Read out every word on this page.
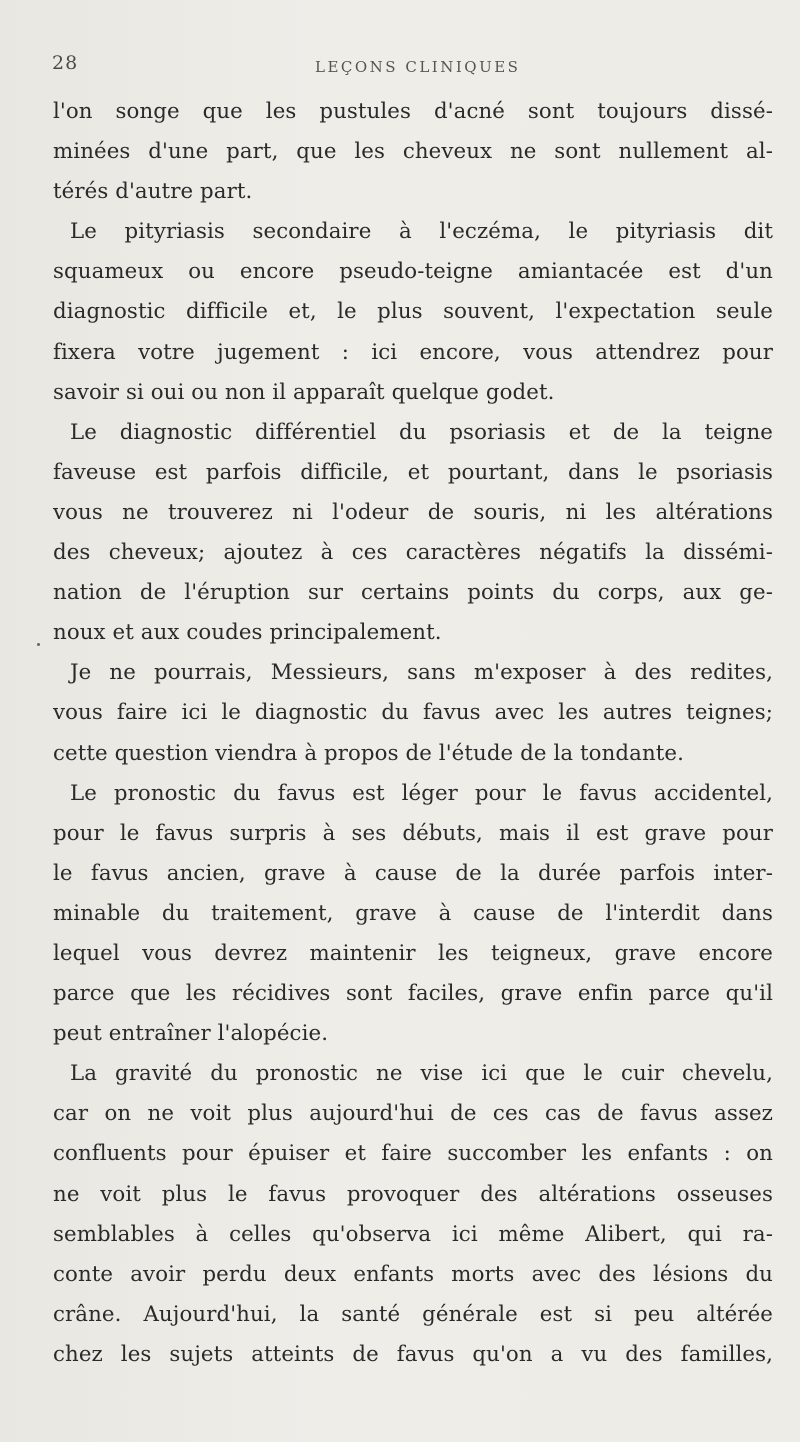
28	LEÇONS CLINIQUES
l'on songe que les pustules d'acné sont toujours dissé-
minées d'une part, que les cheveux ne sont nullement al-
térés d'autre part.
Le pityriasis secondaire à l'eczéma, le pityriasis dit
squameux ou encore pseudo-teigne amiantacée est d'un
diagnostic difficile et, le plus souvent, l'expectation seule
fixera votre jugement : ici encore, vous attendrez pour
savoir si oui ou non il apparaît quelque godet.
Le diagnostic différentiel du psoriasis et de la teigne
faveuse est parfois difficile, et pourtant, dans le psoriasis
vous ne trouverez ni l'odeur de souris, ni les altérations
des cheveux; ajoutez à ces caractères négatifs la dissémi-
nation de l'éruption sur certains points du corps, aux ge-
noux et aux coudes principalement.
Je ne pourrais, Messieurs, sans m'exposer à des redites,
vous faire ici le diagnostic du favus avec les autres teignes;
cette question viendra à propos de l'étude de la tondante.
Le pronostic du favus est léger pour le favus accidentel,
pour le favus surpris à ses débuts, mais il est grave pour
le favus ancien, grave à cause de la durée parfois inter-
minable du traitement, grave à cause de l'interdit dans
lequel vous devrez maintenir les teigneux, grave encore
parce que les récidives sont faciles, grave enfin parce qu'il
peut entraîner l'alopécie.
La gravité du pronostic ne vise ici que le cuir chevelu,
car on ne voit plus aujourd'hui de ces cas de favus assez
confluents pour épuiser et faire succomber les enfants : on
ne voit plus le favus provoquer des altérations osseuses
semblables à celles qu'observa ici même Alibert, qui ra-
conte avoir perdu deux enfants morts avec des lésions du
crâne. Aujourd'hui, la santé générale est si peu altérée
chez les sujets atteints de favus qu'on a vu des familles,
